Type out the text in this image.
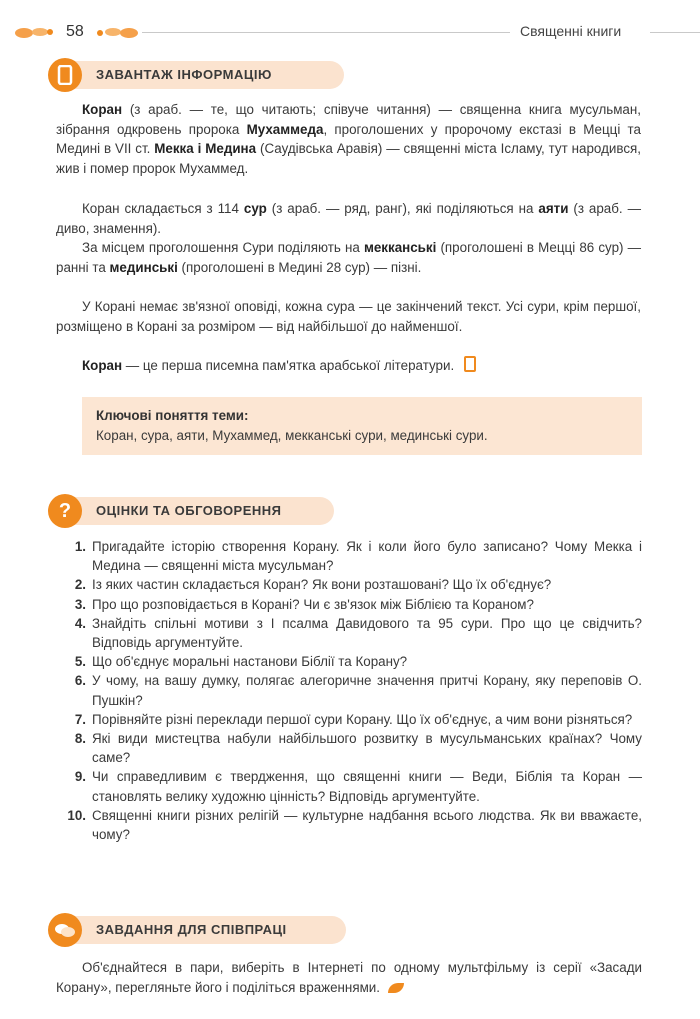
58	Священні книги
ЗАВАНТАЖ ІНФОРМАЦІЮ

Коран (з араб. — те, що читають; співуче читання) — священна книга мусульман, зібрання одкровень пророка Мухаммеда, проголошених у пророчому екстазі в Мецці та Медині в VII ст. Мекка і Медина (Саудівська Аравія) — священні міста Ісламу, тут народився, жив і помер пророк Мухаммед.

Коран складається з 114 сур (з араб. — ряд, ранг), які поділяються на аяти (з араб. — диво, знамення).

За місцем проголошення Сури поділяють на мекканські (проголошені в Мецці 86 сур) — ранні та мединські (проголошені в Медині 28 сур) — пізні.

У Корані немає зв'язної оповіді, кожна сура — це закінчений текст. Усі сури, крім першої, розміщено в Корані за розміром — від найбільшої до найменшої.

Коран — це перша писемна пам'ятка арабської літератури.

Ключові поняття теми:
Коран, сура, аяти, Мухаммед, мекканські сури, мединські сури.
?	ОЦІНКИ ТА ОБГОВОРЕННЯ
1. Пригадайте історію створення Корану. Як і коли його було записано? Чому Мекка і Медина — священні міста мусульман?
2. Із яких частин складається Коран? Як вони розташовані? Що їх об'єднує?
3. Про що розповідається в Корані? Чи є зв'язок між Біблією та Кораном?
4. Знайдіть спільні мотиви з І псалма Давидового та 95 сури. Про що це свідчить? Відповідь аргументуйте.
5. Що об'єднує моральні настанови Біблії та Корану?
6. У чому, на вашу думку, полягає алегоричне значення притчі Корану, яку переповів О. Пушкін?
7. Порівняйте різні переклади першої сури Корану. Що їх об'єднує, а чим вони різняться?
8. Які види мистецтва набули найбільшого розвитку в мусульманських країнах? Чому саме?
9. Чи справедливим є твердження, що священні книги — Веди, Біблія та Коран — становлять велику художню цінність? Відповідь аргументуйте.
10. Священні книги різних релігій — культурне надбання всього людства. Як ви вважаєте, чому?
ЗАВДАННЯ ДЛЯ СПІВПРАЦІ

Об'єднайтеся в пари, виберіть в Інтернеті по одному мультфільму із серії «Засади Корану», перегляньте його і поділіться враженнями.
